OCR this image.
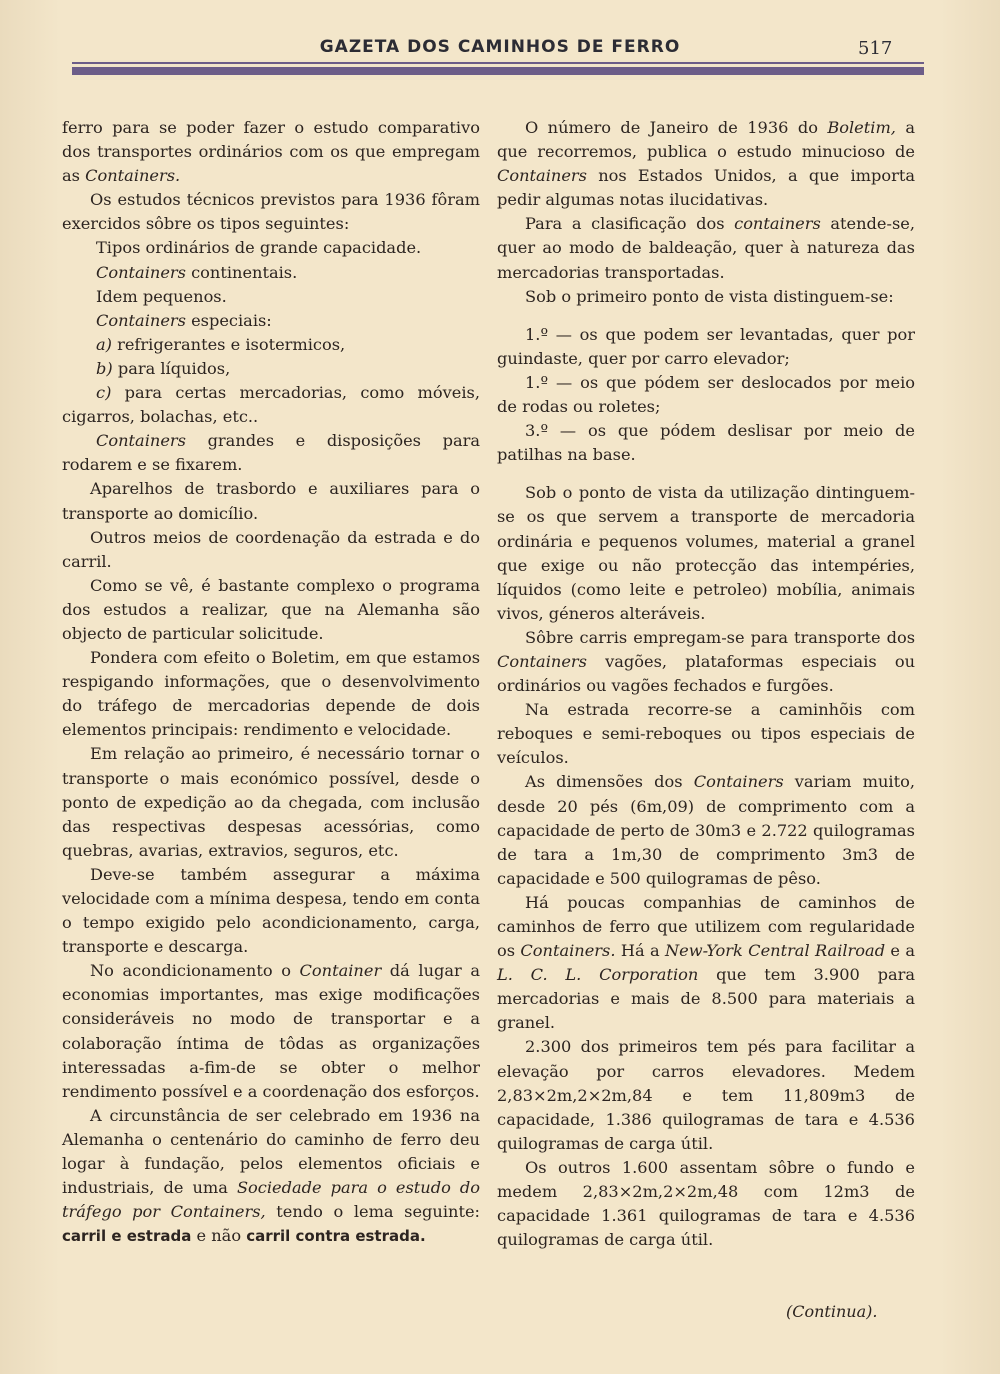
GAZETA DOS CAMINHOS DE FERRO	517

ferro para se poder fazer o estudo comparativo dos transportes ordinários com os que empregam as Containers.

Os estudos técnicos previstos para 1936 fôram exercidos sôbre os tipos seguintes:

Tipos ordinários de grande capacidade.

Containers continentais.

Idem pequenos.

Containers especiais:

a) refrigerantes e isotermicos,

b) para líquidos,

c) para certas mercadorias, como móveis, cigarros, bolachas, etc..

Containers grandes e disposições para rodarem e se fixarem.

Aparelhos de trasbordo e auxiliares para o transporte ao domicílio.

Outros meios de coordenação da estrada e do carril.

Como se vê, é bastante complexo o programa dos estudos a realizar, que na Alemanha são objecto de particular solicitude.

Pondera com efeito o Boletim, em que estamos respigando informações, que o desenvolvimento do tráfego de mercadorias depende de dois elementos principais: rendimento e velocidade.

Em relação ao primeiro, é necessário tornar o transporte o mais económico possível, desde o ponto de expedição ao da chegada, com inclusão das respectivas despesas acessórias, como quebras, avarias, extravios, seguros, etc.

Deve-se também assegurar a máxima velocidade com a mínima despesa, tendo em conta o tempo exigido pelo acondicionamento, carga, transporte e descarga.

No acondicionamento o Container dá lugar a economias importantes, mas exige modificações consideráveis no modo de transportar e a colaboração íntima de tôdas as organizações interessadas a-fim-de se obter o melhor rendimento possível e a coordenação dos esforços.

A circunstância de ser celebrado em 1936 na Alemanha o centenário do caminho de ferro deu logar à fundação, pelos elementos oficiais e industriais, de uma Sociedade para o estudo do tráfego por Containers, tendo o lema seguinte: carril e estrada e não carril contra estrada.

O número de Janeiro de 1936 do Boletim, a que recorremos, publica o estudo minucioso de Containers nos Estados Unidos, a que importa pedir algumas notas ilucidativas.

Para a clasificação dos containers atende-se, quer ao modo de baldeação, quer à natureza das mercadorias transportadas.

Sob o primeiro ponto de vista distinguem-se:

1.º — os que podem ser levantadas, quer por guindaste, quer por carro elevador;

1.º — os que pódem ser deslocados por meio de rodas ou roletes;

3.º — os que pódem deslisar por meio de patilhas na base.

Sob o ponto de vista da utilização dintinguem-se os que servem a transporte de mercadoria ordinária e pequenos volumes, material a granel que exige ou não protecção das intempéries, líquidos (como leite e petroleo) mobília, animais vivos, géneros alteráveis.

Sôbre carris empregam-se para transporte dos Containers vagões, plataformas especiais ou ordinários ou vagões fechados e furgões.

Na estrada recorre-se a caminhõis com reboques e semi-reboques ou tipos especiais de veículos.

As dimensões dos Containers variam muito, desde 20 pés (6m,09) de comprimento com a capacidade de perto de 30m3 e 2.722 quilogramas de tara a 1m,30 de comprimento 3m3 de capacidade e 500 quilogramas de pêso.

Há poucas companhias de caminhos de caminhos de ferro que utilizem com regularidade os Containers. Há a New-York Central Railroad e a L. C. L. Corporation que tem 3.900 para mercadorias e mais de 8.500 para materiais a granel.

2.300 dos primeiros tem pés para facilitar a elevação por carros elevadores. Medem 2,83×2m,2×2m,84 e tem 11,809m3 de capacidade, 1.386 quilogramas de tara e 4.536 quilogramas de carga útil.

Os outros 1.600 assentam sôbre o fundo e medem 2,83×2m,2×2m,48 com 12m3 de capacidade 1.361 quilogramas de tara e 4.536 quilogramas de carga útil.

(Continua).
